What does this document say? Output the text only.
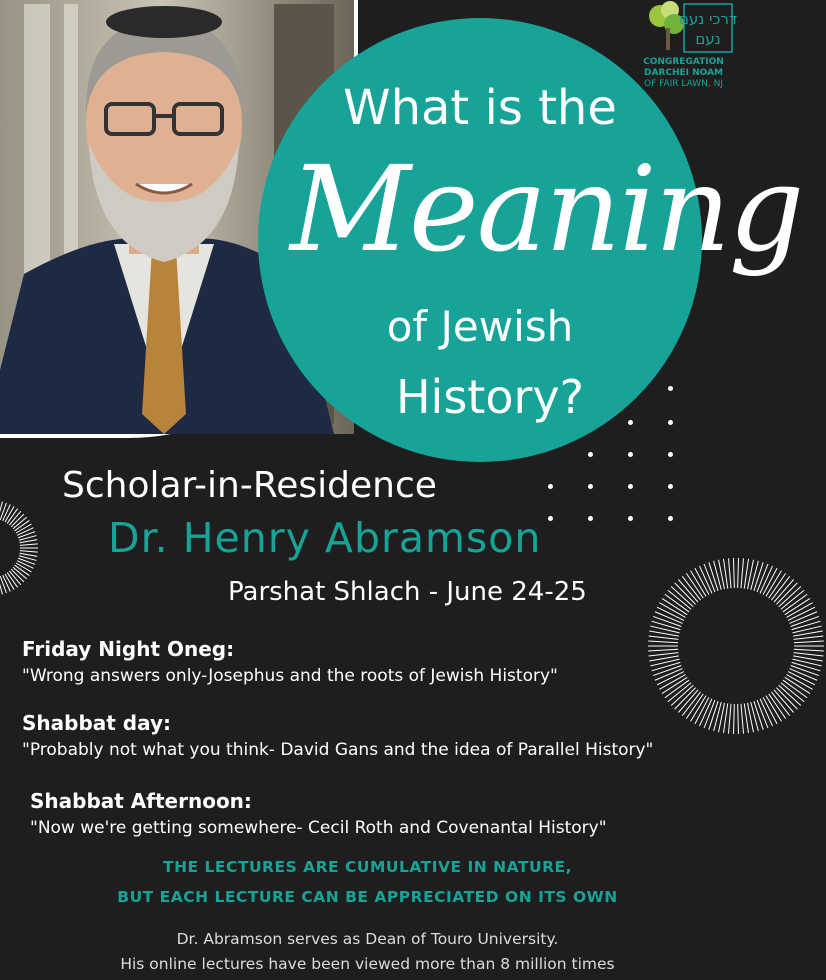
What is the
Meaning
of Jewish
History?
דרכי נעם
נעם
CONGREGATION
DARCHEI NOAM
OF FAIR LAWN, NJ
Scholar-in-Residence
Dr. Henry Abramson
Parshat Shlach - June 24-25
Friday Night Oneg:
"Wrong answers only-Josephus and the roots of Jewish History"
Shabbat day:
"Probably not what you think- David Gans and the idea of Parallel History"
Shabbat Afternoon:
"Now we're getting somewhere- Cecil Roth and Covenantal History"
THE LECTURES ARE CUMULATIVE IN NATURE,
BUT EACH LECTURE CAN BE APPRECIATED ON ITS OWN
Dr. Abramson serves as Dean of Touro University.
His online lectures have been viewed more than 8 million times
